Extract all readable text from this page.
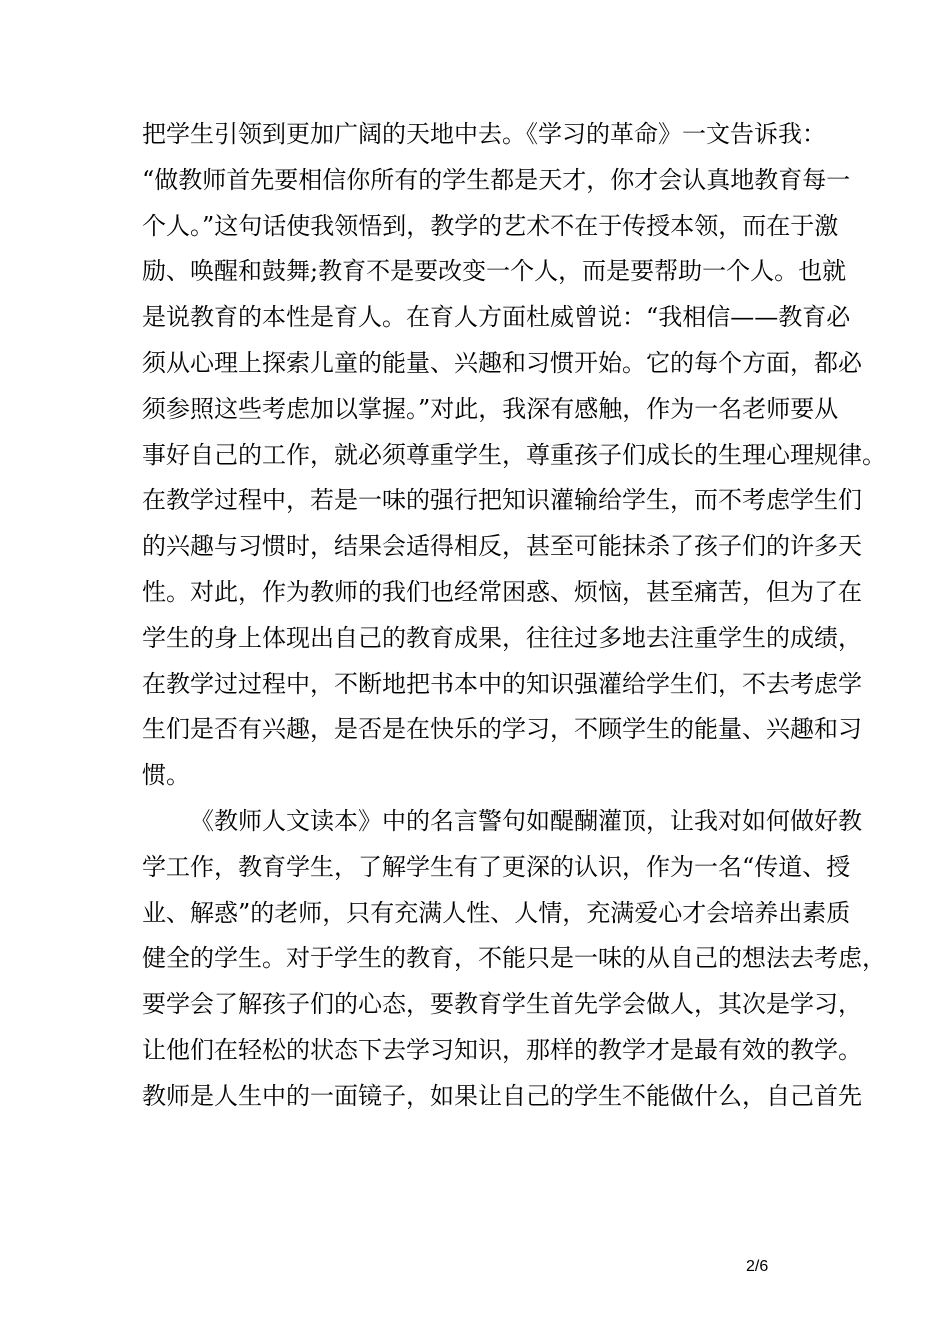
把学生引领到更加广阔的天地中去。《学习的革命》一文告诉我：
“做教师首先要相信你所有的学生都是天才，你才会认真地教育每一
个人。”这句话使我领悟到，教学的艺术不在于传授本领，而在于激
励、唤醒和鼓舞;教育不是要改变一个人，而是要帮助一个人。也就
是说教育的本性是育人。在育人方面杜威曾说：“我相信——教育必
须从心理上探索儿童的能量、兴趣和习惯开始。它的每个方面，都必
须参照这些考虑加以掌握。”对此，我深有感触，作为一名老师要从
事好自己的工作，就必须尊重学生，尊重孩子们成长的生理心理规律。
在教学过程中，若是一味的强行把知识灌输给学生，而不考虑学生们
的兴趣与习惯时，结果会适得相反，甚至可能抹杀了孩子们的许多天
性。对此，作为教师的我们也经常困惑、烦恼，甚至痛苦，但为了在
学生的身上体现出自己的教育成果，往往过多地去注重学生的成绩，
在教学过过程中，不断地把书本中的知识强灌给学生们，不去考虑学
生们是否有兴趣，是否是在快乐的学习，不顾学生的能量、兴趣和习
惯。
《教师人文读本》中的名言警句如醍醐灌顶，让我对如何做好教
学工作，教育学生，了解学生有了更深的认识，作为一名“传道、授
业、解惑”的老师，只有充满人性、人情，充满爱心才会培养出素质
健全的学生。对于学生的教育，不能只是一味的从自己的想法去考虑，
要学会了解孩子们的心态，要教育学生首先学会做人，其次是学习，
让他们在轻松的状态下去学习知识，那样的教学才是最有效的教学。
教师是人生中的一面镜子，如果让自己的学生不能做什么，自己首先
2/6
